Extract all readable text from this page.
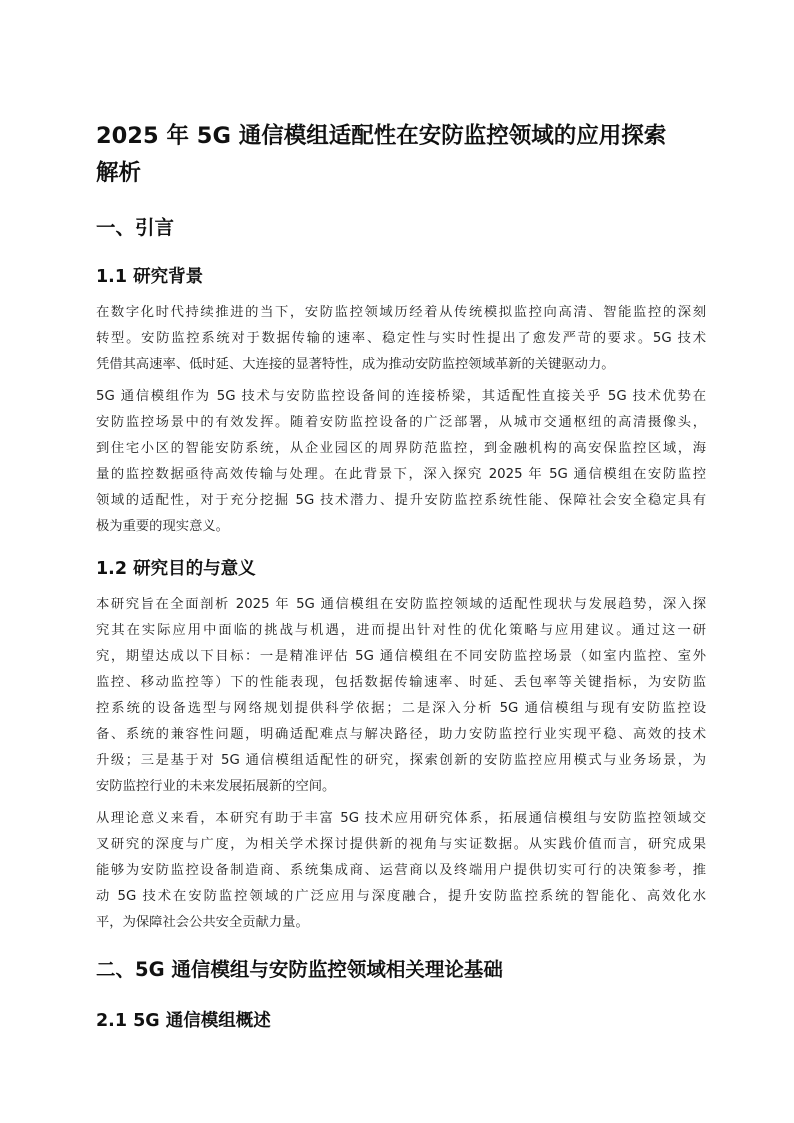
2025 年 5G 通信模组适配性在安防监控领域的应用探索
解析
一、引言
1.1 研究背景

在数字化时代持续推进的当下，安防监控领域历经着从传统模拟监控向高清、智能监控的深刻
转型。安防监控系统对于数据传输的速率、稳定性与实时性提出了愈发严苛的要求。5G 技术
凭借其高速率、低时延、大连接的显著特性，成为推动安防监控领域革新的关键驱动力。

5G 通信模组作为 5G 技术与安防监控设备间的连接桥梁，其适配性直接关乎 5G 技术优势在
安防监控场景中的有效发挥。随着安防监控设备的广泛部署，从城市交通枢纽的高清摄像头，
到住宅小区的智能安防系统，从企业园区的周界防范监控，到金融机构的高安保监控区域，海
量的监控数据亟待高效传输与处理。在此背景下，深入探究 2025 年 5G 通信模组在安防监控
领域的适配性，对于充分挖掘 5G 技术潜力、提升安防监控系统性能、保障社会安全稳定具有
极为重要的现实意义。

1.2 研究目的与意义

本研究旨在全面剖析 2025 年 5G 通信模组在安防监控领域的适配性现状与发展趋势，深入探
究其在实际应用中面临的挑战与机遇，进而提出针对性的优化策略与应用建议。通过这一研
究，期望达成以下目标：一是精准评估 5G 通信模组在不同安防监控场景（如室内监控、室外
监控、移动监控等）下的性能表现，包括数据传输速率、时延、丢包率等关键指标，为安防监
控系统的设备选型与网络规划提供科学依据；二是深入分析 5G 通信模组与现有安防监控设
备、系统的兼容性问题，明确适配难点与解决路径，助力安防监控行业实现平稳、高效的技术
升级；三是基于对 5G 通信模组适配性的研究，探索创新的安防监控应用模式与业务场景，为
安防监控行业的未来发展拓展新的空间。

从理论意义来看，本研究有助于丰富 5G 技术应用研究体系，拓展通信模组与安防监控领域交
叉研究的深度与广度，为相关学术探讨提供新的视角与实证数据。从实践价值而言，研究成果
能够为安防监控设备制造商、系统集成商、运营商以及终端用户提供切实可行的决策参考，推
动 5G 技术在安防监控领域的广泛应用与深度融合，提升安防监控系统的智能化、高效化水
平，为保障社会公共安全贡献力量。

二、5G 通信模组与安防监控领域相关理论基础
2.1 5G 通信模组概述
